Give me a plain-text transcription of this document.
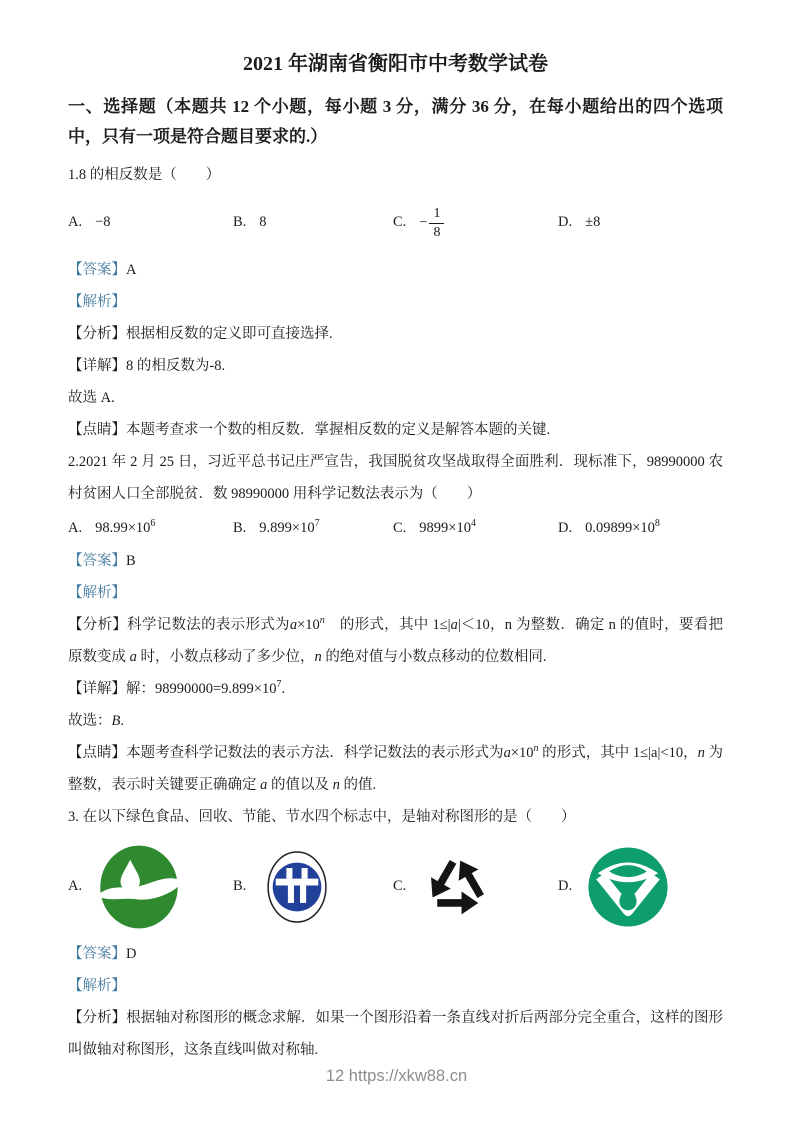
2021 年湖南省衡阳市中考数学试卷
一、选择题（本题共 12 个小题，每小题 3 分，满分 36 分，在每小题给出的四个选项中，只有一项是符合题目要求的.）

1.8 的相反数是（　　）

A. −8	B. 8	C. − $\frac{1}{8}$	D. ±8

【答案】A

【解析】

【分析】根据相反数的定义即可直接选择.

【详解】8 的相反数为-8.

故选 A.

【点睛】本题考查求一个数的相反数．掌握相反数的定义是解答本题的关键.

2.2021 年 2 月 25 日，习近平总书记庄严宣告，我国脱贫攻坚战取得全面胜利．现标准下，98990000 农村贫困人口全部脱贫．数 98990000 用科学记数法表示为（　　）

A. $98.99\times 10^6$	B. $9.899\times 10^7$	C. $9899\times 10^4$	D. $0.09899\times 10^8$

【答案】B

【解析】

【分析】科学记数法的表示形式为$a\times 10^n$　的形式，其中 1≤|a|＜10，n 为整数．确定 n 的值时，要看把原数变成 a 时，小数点移动了多少位，n 的绝对值与小数点移动的位数相同.

【详解】解：$98990000=9.899\times 10^7$.

故选：B.

【点睛】本题考查科学记数法的表示方法．科学记数法的表示形式为$a\times 10^n$ 的形式，其中 1≤|a|<10，n 为整数，表示时关键要正确确定 a 的值以及 n 的值.

3. 在以下绿色食品、回收、节能、节水四个标志中，是轴对称图形的是（　　）

A.	B.	C.	D.

【答案】D

【解析】

【分析】根据轴对称图形的概念求解．如果一个图形沿着一条直线对折后两部分完全重合，这样的图形叫做轴对称图形，这条直线叫做对称轴.

12 https://xkw88.cn
